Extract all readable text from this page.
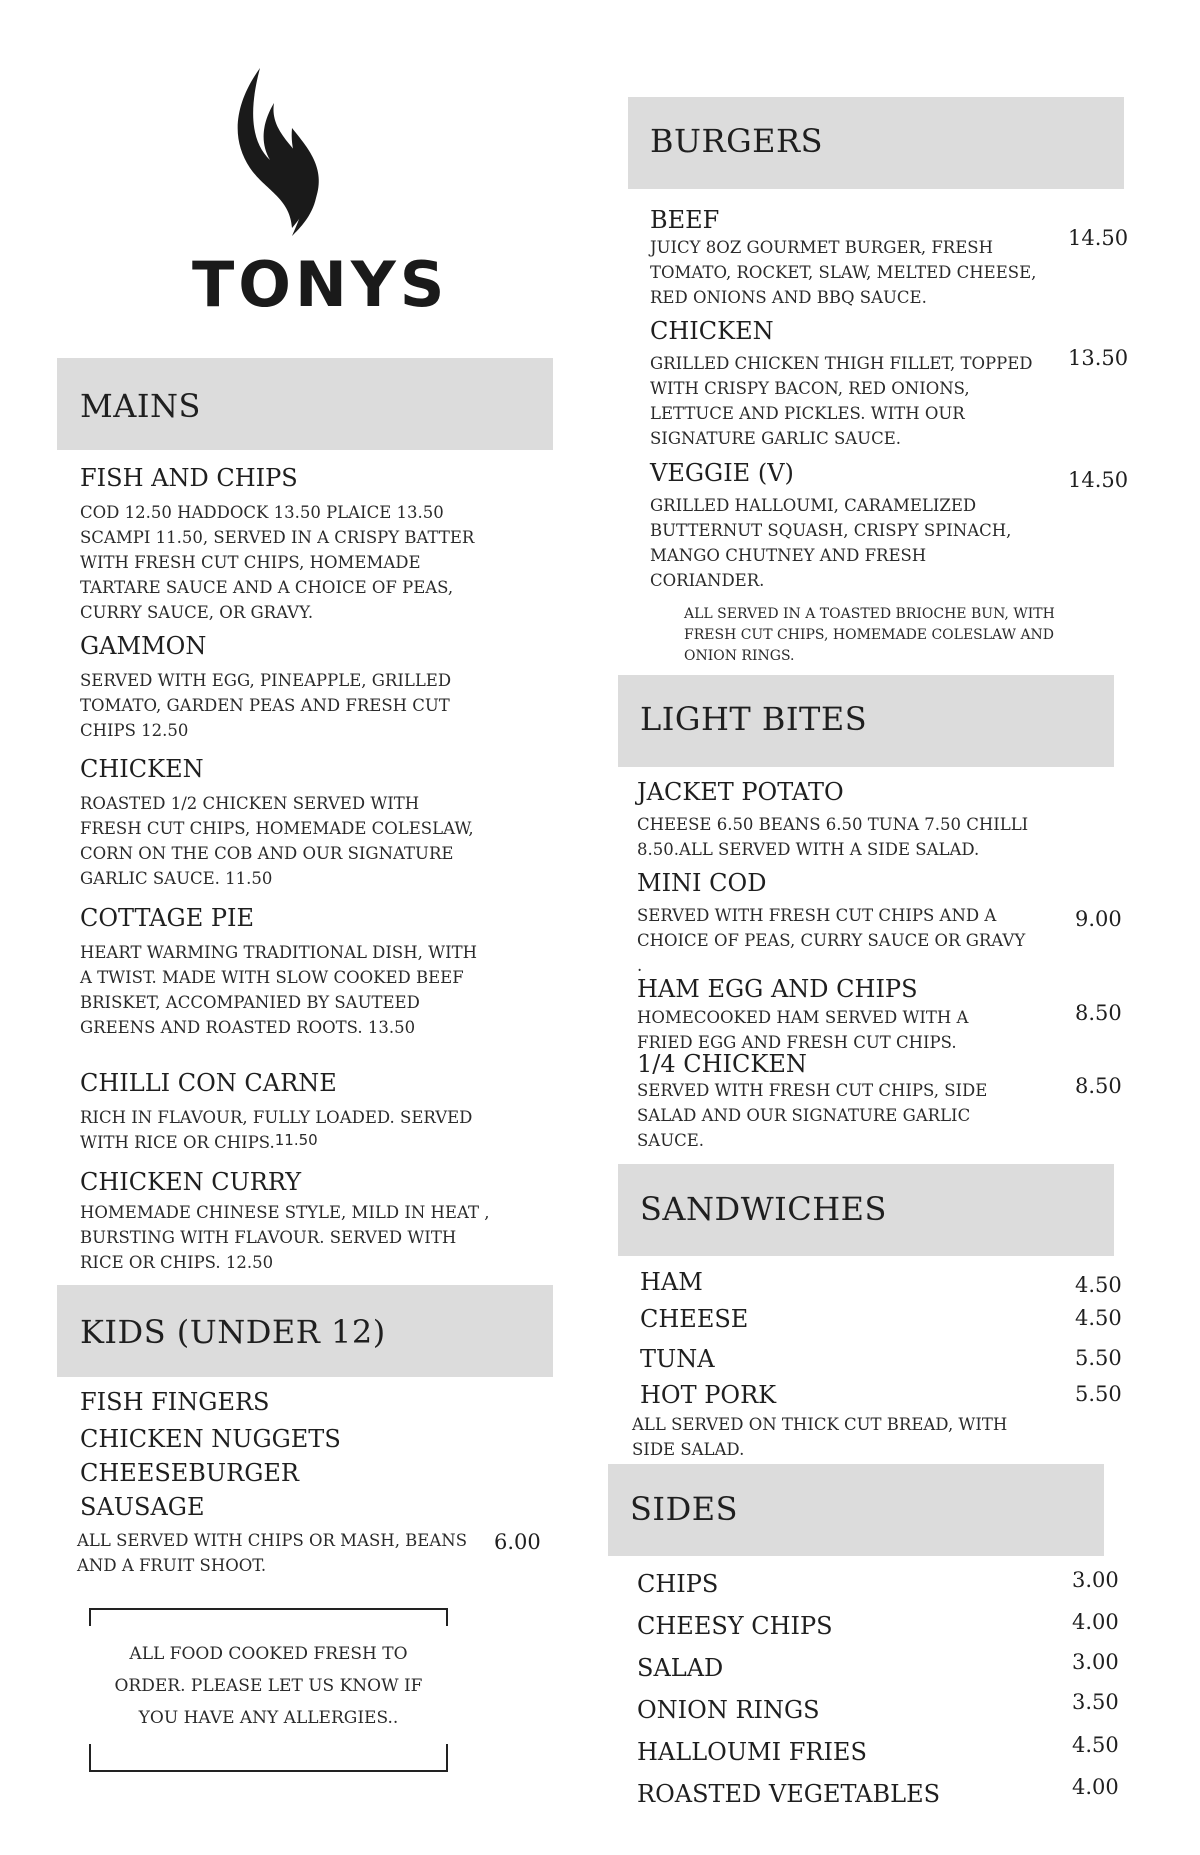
TONYS
MAINS
FISH AND CHIPS
COD 12.50 HADDOCK 13.50 PLAICE 13.50 SCAMPI 11.50, SERVED IN A CRISPY BATTER WITH FRESH CUT CHIPS, HOMEMADE TARTARE SAUCE AND A CHOICE OF PEAS, CURRY SAUCE, OR GRAVY.
GAMMON
SERVED WITH EGG, PINEAPPLE, GRILLED TOMATO, GARDEN PEAS AND FRESH CUT CHIPS 12.50
CHICKEN
ROASTED 1/2 CHICKEN SERVED WITH FRESH CUT CHIPS, HOMEMADE COLESLAW, CORN ON THE COB AND OUR SIGNATURE GARLIC SAUCE. 11.50
COTTAGE PIE
HEART WARMING TRADITIONAL DISH, WITH A TWIST. MADE WITH SLOW COOKED BEEF BRISKET, ACCOMPANIED BY SAUTEED GREENS AND ROASTED ROOTS. 13.50
CHILLI CON CARNE
RICH IN FLAVOUR, FULLY LOADED. SERVED WITH RICE OR CHIPS.11.50
CHICKEN CURRY
HOMEMADE CHINESE STYLE, MILD IN HEAT , BURSTING WITH FLAVOUR. SERVED WITH RICE OR CHIPS. 12.50
KIDS (UNDER 12)
FISH FINGERS
CHICKEN NUGGETS
CHEESEBURGER
SAUSAGE
ALL SERVED WITH CHIPS OR MASH, BEANS AND A FRUIT SHOOT.
6.00
ALL FOOD COOKED FRESH TO ORDER. PLEASE LET US KNOW IF YOU HAVE ANY ALLERGIES..
BURGERS
BEEF
JUICY 8OZ GOURMET BURGER, FRESH TOMATO, ROCKET, SLAW, MELTED CHEESE, RED ONIONS AND BBQ SAUCE.
14.50
CHICKEN
GRILLED CHICKEN THIGH FILLET, TOPPED WITH CRISPY BACON, RED ONIONS, LETTUCE AND PICKLES. WITH OUR SIGNATURE GARLIC SAUCE.
13.50
VEGGIE (V)
GRILLED HALLOUMI, CARAMELIZED BUTTERNUT SQUASH, CRISPY SPINACH, MANGO CHUTNEY AND FRESH CORIANDER.
14.50
ALL SERVED IN A TOASTED BRIOCHE BUN, WITH FRESH CUT CHIPS, HOMEMADE COLESLAW AND ONION RINGS.
LIGHT BITES
JACKET POTATO
CHEESE 6.50 BEANS 6.50 TUNA 7.50 CHILLI 8.50.ALL SERVED WITH A SIDE SALAD.
MINI COD
SERVED WITH FRESH CUT CHIPS AND A CHOICE OF PEAS, CURRY SAUCE OR GRAVY .
9.00
HAM EGG AND CHIPS
HOMECOOKED HAM SERVED WITH A FRIED EGG AND FRESH CUT CHIPS.
8.50
1/4 CHICKEN
SERVED WITH FRESH CUT CHIPS, SIDE SALAD AND OUR SIGNATURE GARLIC SAUCE.
8.50
SANDWICHES
HAM	4.50
CHEESE	4.50
TUNA	5.50
HOT PORK	5.50
ALL SERVED ON THICK CUT BREAD, WITH SIDE SALAD.
SIDES
CHIPS	3.00
CHEESY CHIPS	4.00
SALAD	3.00
ONION RINGS	3.50
HALLOUMI FRIES	4.50
ROASTED VEGETABLES	4.00
